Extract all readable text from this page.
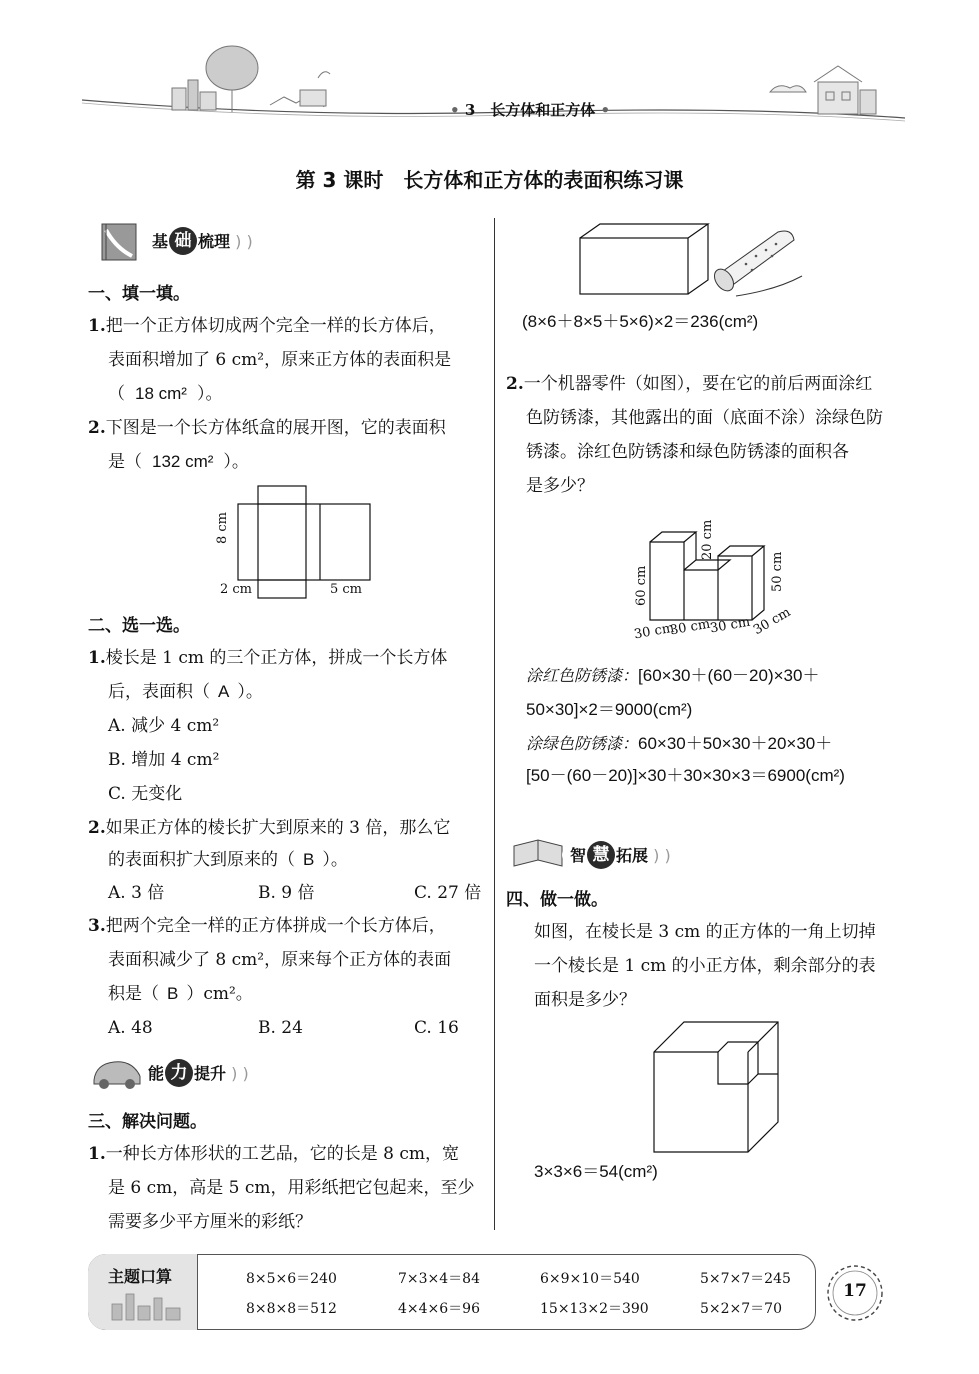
• 3　长方体和正方体 •
第 3 课时　长方体和正方体的表面积练习课
基 础 梳理 ) )
一、填一填。
1.把一个正方体切成两个完全一样的长方体后，
表面积增加了 6 cm²，原来正方体的表面积是
（ 18 cm² ）。
2.下图是一个长方体纸盒的展开图，它的表面积
是（ 132 cm² ）。
8 cm
2 cm	5 cm
二、选一选。
1.棱长是 1 cm 的三个正方体，拼成一个长方体
后，表面积（ A ）。
A. 减少 4 cm²
B. 增加 4 cm²
C. 无变化
2.如果正方体的棱长扩大到原来的 3 倍，那么它
的表面积扩大到原来的（ B ）。
A. 3 倍	B. 9 倍	C. 27 倍
3.把两个完全一样的正方体拼成一个长方体后，
表面积减少了 8 cm²，原来每个正方体的表面
积是（ B ）cm²。
A. 48	B. 24	C. 16
能 力 提升 ) )
三、解决问题。
1.一种长方体形状的工艺品，它的长是 8 cm，宽
是 6 cm，高是 5 cm，用彩纸把它包起来，至少
需要多少平方厘米的彩纸？
(8×6＋8×5＋5×6)×2＝236(cm²)
2.一个机器零件（如图），要在它的前后两面涂红
色防锈漆，其他露出的面（底面不涂）涂绿色防
锈漆。涂红色防锈漆和绿色防锈漆的面积各
是多少？
60 cm
20 cm
50 cm
30 cm
30 cm
30 cm 30 cm
涂红色防锈漆：[60×30＋(60－20)×30＋
50×30]×2＝9000(cm²)
涂绿色防锈漆：60×30＋50×30＋20×30＋
[50－(60－20)]×30＋30×30×3＝6900(cm²)
智 慧 拓展 ) )
四、做一做。
如图，在棱长是 3 cm 的正方体的一角上切掉
一个棱长是 1 cm 的小正方体，剩余部分的表
面积是多少？
3×3×6＝54(cm²)
主题口算
17
8×5×6＝240	7×3×4＝84	6×9×10＝540	5×7×7＝245
8×8×8＝512	4×4×6＝96	15×13×2＝390	5×2×7＝70
